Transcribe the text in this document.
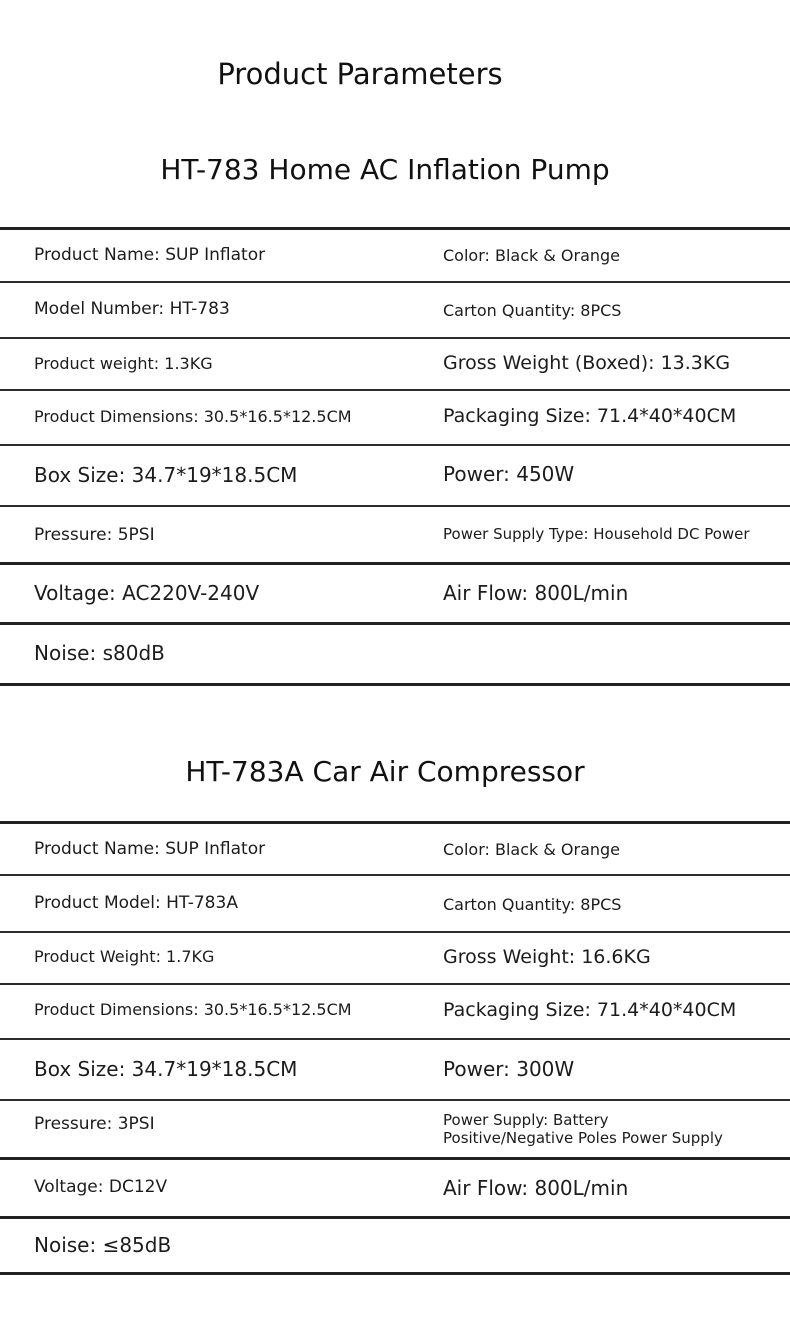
Product Parameters
HT-783 Home AC Inflation Pump
Product Name: SUP Inflator	Color: Black & Orange
Model Number: HT-783	Carton Quantity: 8PCS
Product weight: 1.3KG	Gross Weight (Boxed): 13.3KG
Product Dimensions: 30.5*16.5*12.5CM	Packaging Size: 71.4*40*40CM
Box Size: 34.7*19*18.5CM	Power: 450W
Pressure: 5PSI	Power Supply Type: Household DC Power
Voltage: AC220V-240V	Air Flow: 800L/min
Noise: s80dB
HT-783A Car Air Compressor
Product Name: SUP Inflator	Color: Black & Orange
Product Model: HT-783A	Carton Quantity: 8PCS
Product Weight: 1.7KG	Gross Weight: 16.6KG
Product Dimensions: 30.5*16.5*12.5CM	Packaging Size: 71.4*40*40CM
Box Size: 34.7*19*18.5CM	Power: 300W
Pressure: 3PSI	Power Supply: Battery
Positive/Negative Poles Power Supply
Voltage: DC12V	Air Flow: 800L/min
Noise: ≤85dB
